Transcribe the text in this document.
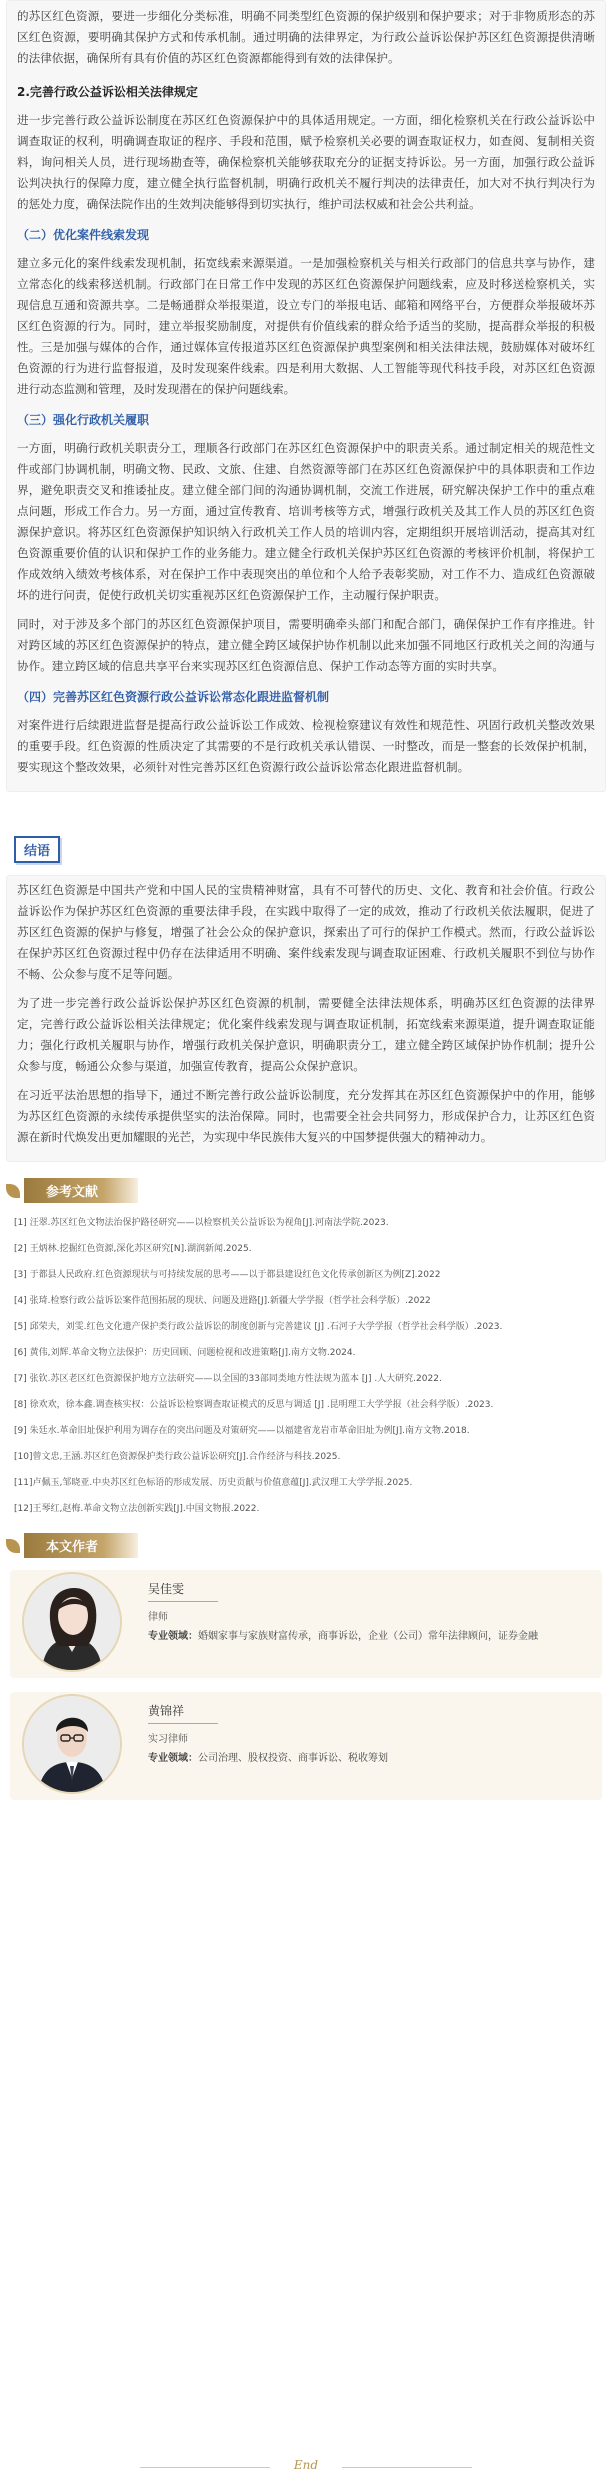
的苏区红色资源，要进一步细化分类标准，明确不同类型红色资源的保护级别和保护要求；对于非物质形态的苏区红色资源，要明确其保护方式和传承机制。通过明确的法律界定，为行政公益诉讼保护苏区红色资源提供清晰的法律依据，确保所有具有价值的苏区红色资源都能得到有效的法律保护。

2.完善行政公益诉讼相关法律规定

进一步完善行政公益诉讼制度在苏区红色资源保护中的具体适用规定。一方面，细化检察机关在行政公益诉讼中调查取证的权利，明确调查取证的程序、手段和范围，赋予检察机关必要的调查取证权力，如查阅、复制相关资料，询问相关人员，进行现场勘查等，确保检察机关能够获取充分的证据支持诉讼。另一方面，加强行政公益诉讼判决执行的保障力度，建立健全执行监督机制，明确行政机关不履行判决的法律责任，加大对不执行判决行为的惩处力度，确保法院作出的生效判决能够得到切实执行，维护司法权威和社会公共利益。

（二）优化案件线索发现

建立多元化的案件线索发现机制，拓宽线索来源渠道。一是加强检察机关与相关行政部门的信息共享与协作，建立常态化的线索移送机制。行政部门在日常工作中发现的苏区红色资源保护问题线索，应及时移送检察机关，实现信息互通和资源共享。二是畅通群众举报渠道，设立专门的举报电话、邮箱和网络平台，方便群众举报破坏苏区红色资源的行为。同时，建立举报奖励制度，对提供有价值线索的群众给予适当的奖励，提高群众举报的积极性。三是加强与媒体的合作，通过媒体宣传报道苏区红色资源保护典型案例和相关法律法规，鼓励媒体对破坏红色资源的行为进行监督报道，及时发现案件线索。四是利用大数据、人工智能等现代科技手段，对苏区红色资源进行动态监测和管理，及时发现潜在的保护问题线索。

（三）强化行政机关履职

一方面，明确行政机关职责分工，理顺各行政部门在苏区红色资源保护中的职责关系。通过制定相关的规范性文件或部门协调机制，明确文物、民政、文旅、住建、自然资源等部门在苏区红色资源保护中的具体职责和工作边界，避免职责交叉和推诿扯皮。建立健全部门间的沟通协调机制，交流工作进展，研究解决保护工作中的重点难点问题，形成工作合力。另一方面，通过宣传教育、培训考核等方式，增强行政机关及其工作人员的苏区红色资源保护意识。将苏区红色资源保护知识纳入行政机关工作人员的培训内容，定期组织开展培训活动，提高其对红色资源重要价值的认识和保护工作的业务能力。建立健全行政机关保护苏区红色资源的考核评价机制，将保护工作成效纳入绩效考核体系，对在保护工作中表现突出的单位和个人给予表彰奖励，对工作不力、造成红色资源破坏的进行问责，促使行政机关切实重视苏区红色资源保护工作，主动履行保护职责。

同时，对于涉及多个部门的苏区红色资源保护项目，需要明确牵头部门和配合部门，确保保护工作有序推进。针对跨区域的苏区红色资源保护的特点，建立健全跨区域保护协作机制以此来加强不同地区行政机关之间的沟通与协作。建立跨区域的信息共享平台来实现苏区红色资源信息、保护工作动态等方面的实时共享。

（四）完善苏区红色资源行政公益诉讼常态化跟进监督机制

对案件进行后续跟进监督是提高行政公益诉讼工作成效、检视检察建议有效性和规范性、巩固行政机关整改效果的重要手段。红色资源的性质决定了其需要的不是行政机关承认错误、一时整改，而是一整套的长效保护机制，要实现这个整改效果，必须针对性完善苏区红色资源行政公益诉讼常态化跟进监督机制。

结语

苏区红色资源是中国共产党和中国人民的宝贵精神财富，具有不可替代的历史、文化、教育和社会价值。行政公益诉讼作为保护苏区红色资源的重要法律手段，在实践中取得了一定的成效，推动了行政机关依法履职，促进了苏区红色资源的保护与修复，增强了社会公众的保护意识，探索出了可行的保护工作模式。然而，行政公益诉讼在保护苏区红色资源过程中仍存在法律适用不明确、案件线索发现与调查取证困难、行政机关履职不到位与协作不畅、公众参与度不足等问题。

为了进一步完善行政公益诉讼保护苏区红色资源的机制，需要健全法律法规体系，明确苏区红色资源的法律界定，完善行政公益诉讼相关法律规定；优化案件线索发现与调查取证机制，拓宽线索来源渠道，提升调查取证能力；强化行政机关履职与协作，增强行政机关保护意识，明确职责分工，建立健全跨区域保护协作机制；提升公众参与度，畅通公众参与渠道，加强宣传教育，提高公众保护意识。

在习近平法治思想的指导下，通过不断完善行政公益诉讼制度，充分发挥其在苏区红色资源保护中的作用，能够为苏区红色资源的永续传承提供坚实的法治保障。同时，也需要全社会共同努力，形成保护合力，让苏区红色资源在新时代焕发出更加耀眼的光芒，为实现中华民族伟大复兴的中国梦提供强大的精神动力。

参考文献
[1] 汪翠.苏区红色文物法治保护路径研究——以检察机关公益诉讼为视角[J].河南法学院.2023.
[2] 王炳林.挖掘红色资源,深化苏区研究[N].湖润新闻.2025.
[3] 于都县人民政府.红色资源现状与可持续发展的思考——以于都县建设红色文化传承创新区为例[Z].2022
[4] 张琦.检察行政公益诉讼案件范围拓展的现状、问题及进路[J].新疆大学学报（哲学社会科学版）.2022
[5] 邱荣夫，刘雯.红色文化遗产保护类行政公益诉讼的制度创新与完善建议 [J] .石河子大学学报（哲学社会科学版）.2023.
[6] 黄伟,刘辉.革命文物立法保护：历史回顾、问题检视和改进策略[J].南方文物.2024.
[7] 张钦.苏区老区红色资源保护地方立法研究——以全国的33部同类地方性法规为蓝本 [J] .人大研究.2022.
[8] 徐欢欢，徐本鑫.调查核实权：公益诉讼检察调查取证模式的反思与调适 [J] .昆明理工大学学报（社会科学版）.2023.
[9] 朱廷水.革命旧址保护利用为调存在的突出问题及对策研究——以福建省龙岩市革命旧址为例[J].南方文物.2018.
[10]曾文忠,王涵.苏区红色资源保护类行政公益诉讼研究[J].合作经济与科技.2025.
[11]卢佩玉,邹晓亚.中央苏区红色标语的形成发展、历史贡献与价值意蕴[J].武汉理工大学学报.2025.
[12]王琴红,赵梅.革命文物立法创新实践[J].中国文物报.2022.
本文作者
吴佳雯
律师
专业领域：婚姻家事与家族财富传承，商事诉讼，企业（公司）常年法律顾问，证券金融
黄锦祥
实习律师
专业领域：公司治理、股权投资、商事诉讼、税收筹划
End
